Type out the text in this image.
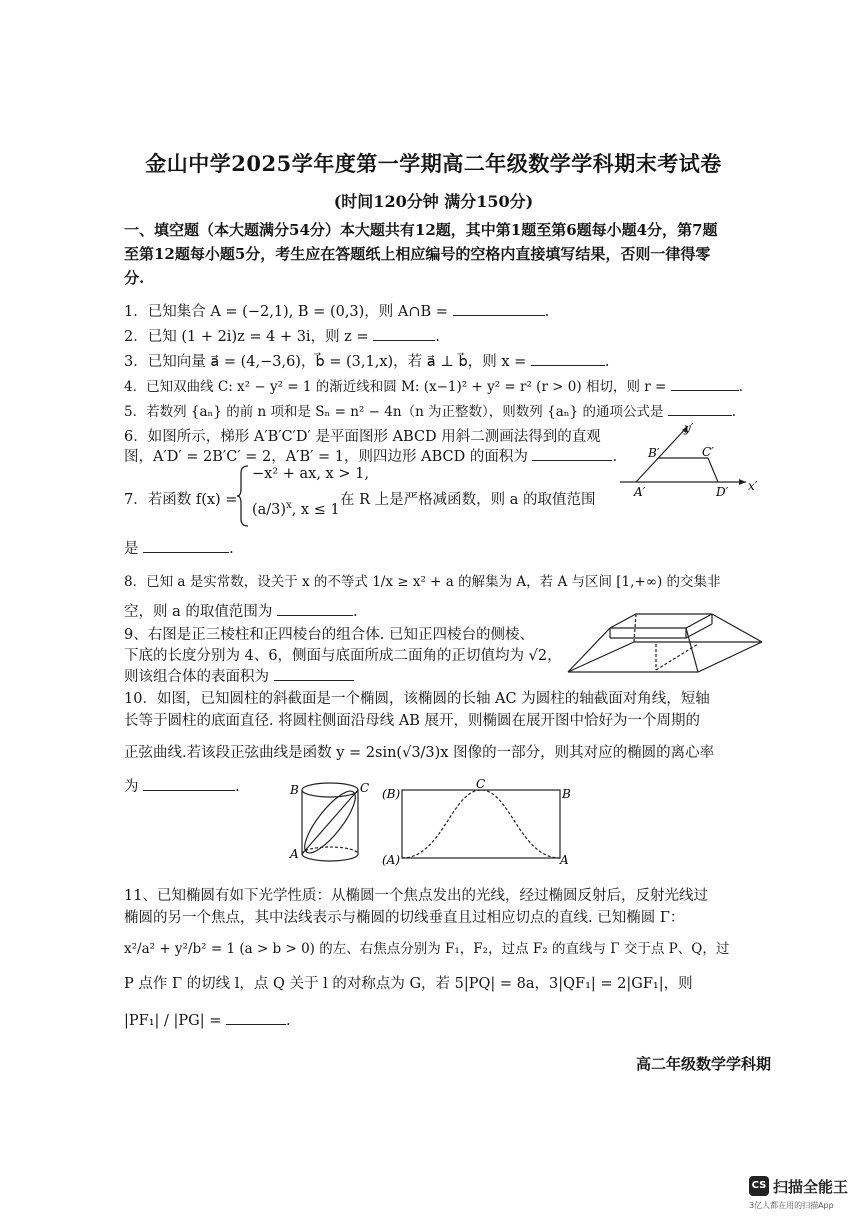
金山中学2025学年度第一学期高二年级数学学科期末考试卷
(时间120分钟 满分150分)
一、填空题（本大题满分54分）本大题共有12题，其中第1题至第6题每小题4分，第7题至第12题每小题5分，考生应在答题纸上相应编号的空格内直接填写结果，否则一律得零分.
1．已知集合 A = (−2,1), B = (0,3)，则 A∩B =	.
2．已知 (1 + 2i)z = 4 + 3i，则 z =	.
3．已知向量 a⃗ = (4,−3,6)，b⃗ = (3,1,x)，若 a⃗ ⊥ b⃗，则 x =	.
4．已知双曲线 C: x² − y² = 1 的渐近线和圆 M: (x−1)² + y² = r² (r > 0) 相切，则 r =	.
5．若数列 {aₙ} 的前 n 项和是 Sₙ = n² − 4n（n 为正整数），则数列 {aₙ} 的通项公式是	.
6．如图所示，梯形 A′B′C′D′ 是平面图形 ABCD 用斜二测画法得到的直观
图，A′D′ = 2B′C′ = 2，A′B′ = 1，则四边形 ABCD 的面积为	.
y′
x′
B′	C′
A′	D′
7．若函数 f(x) =
−x² + ax, x > 1,
$(a/3)^x$, x ≤ 1
在 R 上是严格减函数，则 a 的取值范围
是	.
8．已知 a 是实常数，设关于 x 的不等式 1/x ≥ x² + a 的解集为 A，若 A 与区间 [1,+∞) 的交集非
空，则 a 的取值范围为	.
9、右图是正三棱柱和正四棱台的组合体. 已知正四棱台的侧棱、
下底的长度分别为 4、6，侧面与底面所成二面角的正切值均为 √2，
则该组合体的表面积为
10．如图，已知圆柱的斜截面是一个椭圆，该椭圆的长轴 AC 为圆柱的轴截面对角线，短轴
长等于圆柱的底面直径. 将圆柱侧面沿母线 AB 展开，则椭圆在展开图中恰好为一个周期的
正弦曲线.若该段正弦曲线是函数 y = 2sin(√3/3)x 图像的一部分，则其对应的椭圆的离心率
为	.	B	C
A
(B)
C
B
(A)	A
11、已知椭圆有如下光学性质：从椭圆一个焦点发出的光线，经过椭圆反射后，反射光线过
椭圆的另一个焦点，其中法线表示与椭圆的切线垂直且过相应切点的直线. 已知椭圆 Γ：
x²/a² + y²/b² = 1 (a > b > 0) 的左、右焦点分别为 F₁，F₂，过点 F₂ 的直线与 Γ 交于点 P、Q，过
P 点作 Γ 的切线 l，点 Q 关于 l 的对称点为 G，若 5|PQ| = 8a，3|QF₁| = 2|GF₁|，则
|PF₁| / |PG| =	.
高二年级数学学科期
CS 扫描全能王
3亿人都在用的扫描App
